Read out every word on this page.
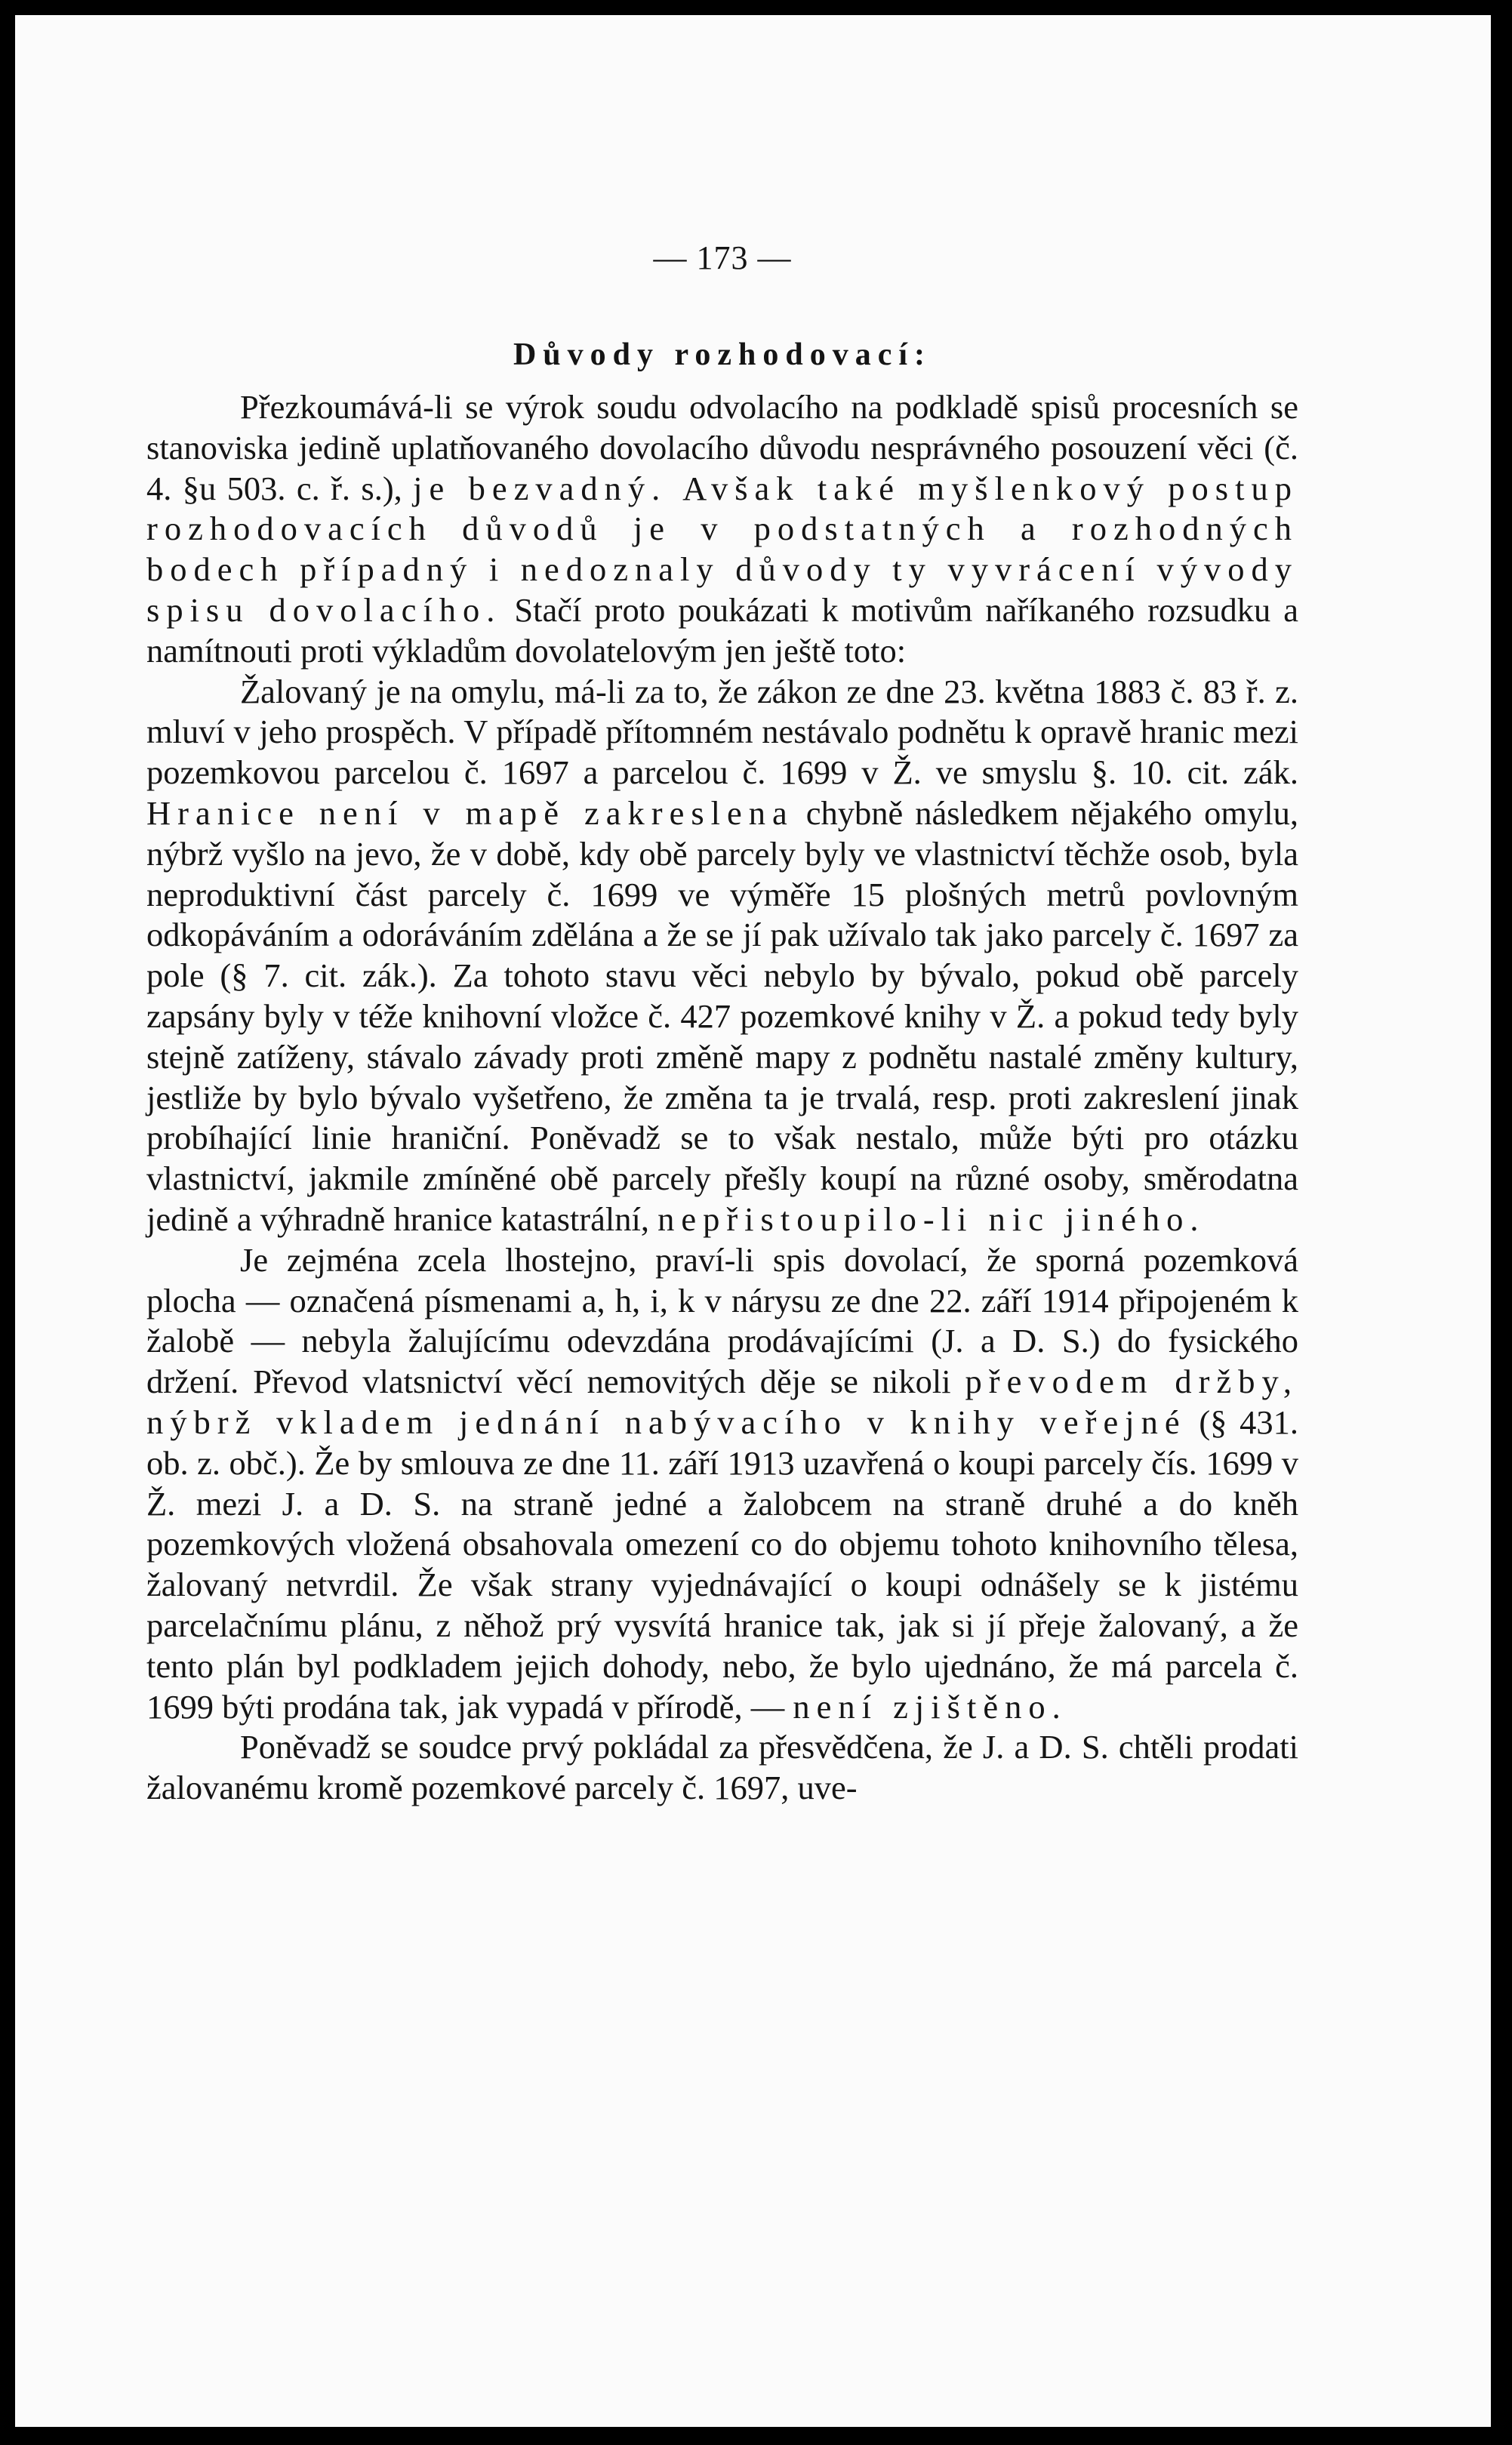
— 173 —
Důvody rozhodovací:

Přezkoumává-li se výrok soudu odvolacího na podkladě spisů procesních se stanoviska jedině uplatňovaného dovolacího důvodu nesprávného posouzení věci (č. 4. §u 503. c. ř. s.), je bezvadný. Avšak také myšlenkový postup rozhodovacích důvodů je v podstatných a rozhodných bodech případný i nedoznaly důvody ty vyvrácení vývody spisu dovolacího. Stačí proto poukázati k motivům naříkaného rozsudku a namítnouti proti výkladům dovolatelovým jen ještě toto:

Žalovaný je na omylu, má-li za to, že zákon ze dne 23. května 1883 č. 83 ř. z. mluví v jeho prospěch. V případě přítomném nestávalo podnětu k opravě hranic mezi pozemkovou parcelou č. 1697 a parcelou č. 1699 v Ž. ve smyslu §. 10. cit. zák. Hranice není v mapě zakreslena chybně následkem nějakého omylu, nýbrž vyšlo na jevo, že v době, kdy obě parcely byly ve vlastnictví těchže osob, byla neproduktivní část parcely č. 1699 ve výměře 15 plošných metrů povlovným odkopáváním a odoráváním zdělána a že se jí pak užívalo tak jako parcely č. 1697 za pole (§ 7. cit. zák.). Za tohoto stavu věci nebylo by bývalo, pokud obě parcely zapsány byly v téže knihovní vložce č. 427 pozemkové knihy v Ž. a pokud tedy byly stejně zatíženy, stávalo závady proti změně mapy z podnětu nastalé změny kultury, jestliže by bylo bývalo vyšetřeno, že změna ta je trvalá, resp. proti zakreslení jinak probíhající linie hraniční. Poněvadž se to však nestalo, může býti pro otázku vlastnictví, jakmile zmíněné obě parcely přešly koupí na různé osoby, směrodatna jedině a výhradně hranice katastrální, nepřistoupilo-li nic jiného.

Je zejména zcela lhostejno, praví-li spis dovolací, že sporná pozemková plocha — označená písmenami a, h, i, k v nárysu ze dne 22. září 1914 připojeném k žalobě — nebyla žalujícímu odevzdána prodávajícími (J. a D. S.) do fysického držení. Převod vlatsnictví věcí nemovitých děje se nikoli převodem držby, nýbrž vkladem jednání nabývacího v knihy veřejné (§ 431. ob. z. obč.). Že by smlouva ze dne 11. září 1913 uzavřená o koupi parcely čís. 1699 v Ž. mezi J. a D. S. na straně jedné a žalobcem na straně druhé a do kněh pozemkových vložená obsahovala omezení co do objemu tohoto knihovního tělesa, žalovaný netvrdil. Že však strany vyjednávající o koupi odnášely se k jistému parcelačnímu plánu, z něhož prý vysvítá hranice tak, jak si jí přeje žalovaný, a že tento plán byl podkladem jejich dohody, nebo, že bylo ujednáno, že má parcela č. 1699 býti prodána tak, jak vypadá v přírodě, — není zjištěno.

Poněvadž se soudce prvý pokládal za přesvědčena, že J. a D. S. chtěli prodati žalovanému kromě pozemkové parcely č. 1697, uve-
